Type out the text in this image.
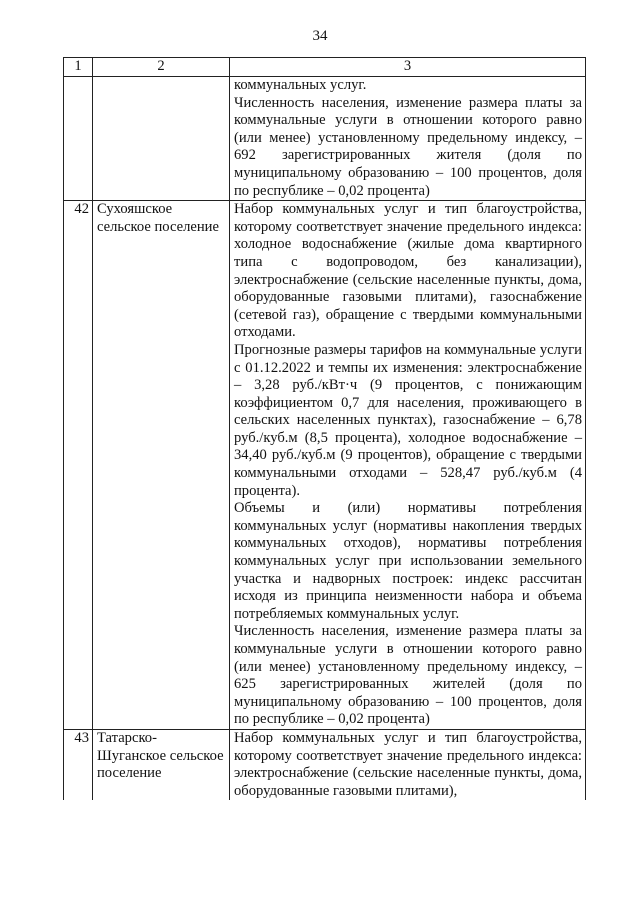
34
1	2	3

		коммунальных услуг.

Численность населения, изменение размера платы за коммунальные услуги в отношении которого равно (или менее) установленному предельному индексу, – 692 зарегистрированных жителя (доля по муниципальному образованию – 100 процентов, доля по республике – 0,02 процента)

42	Сухояшское сельское поселение	Набор коммунальных услуг и тип благоустройства, которому соответствует значение предельного индекса: холодное водоснабжение (жилые дома квартирного типа с водопроводом, без канализации), электроснабжение (сельские населенные пункты, дома, оборудованные газовыми плитами), газоснабжение (сетевой газ), обращение с твердыми коммунальными отходами.

Прогнозные размеры тарифов на коммунальные услуги с 01.12.2022 и темпы их изменения: электроснабжение – 3,28 руб./кВт·ч (9 процентов, с понижающим коэффициентом 0,7 для населения, проживающего в сельских населенных пунктах), газоснабжение – 6,78 руб./куб.м (8,5 процента), холодное водоснабжение – 34,40 руб./куб.м (9 процентов), обращение с твердыми коммунальными отходами – 528,47 руб./куб.м (4 процента).

Объемы и (или) нормативы потребления коммунальных услуг (нормативы накопления твердых коммунальных отходов), нормативы потребления коммунальных услуг при использовании земельного участка и надворных построек: индекс рассчитан исходя из принципа неизменности набора и объема потребляемых коммунальных услуг.

Численность населения, изменение размера платы за коммунальные услуги в отношении которого равно (или менее) установленному предельному индексу, – 625 зарегистрированных жителей (доля по муниципальному образованию – 100 процентов, доля по республике – 0,02 процента)

43	Татарско-Шуганское сельское поселение	Набор коммунальных услуг и тип благоустройства, которому соответствует значение предельного индекса: электроснабжение (сельские населенные пункты, дома, оборудованные газовыми плитами),
